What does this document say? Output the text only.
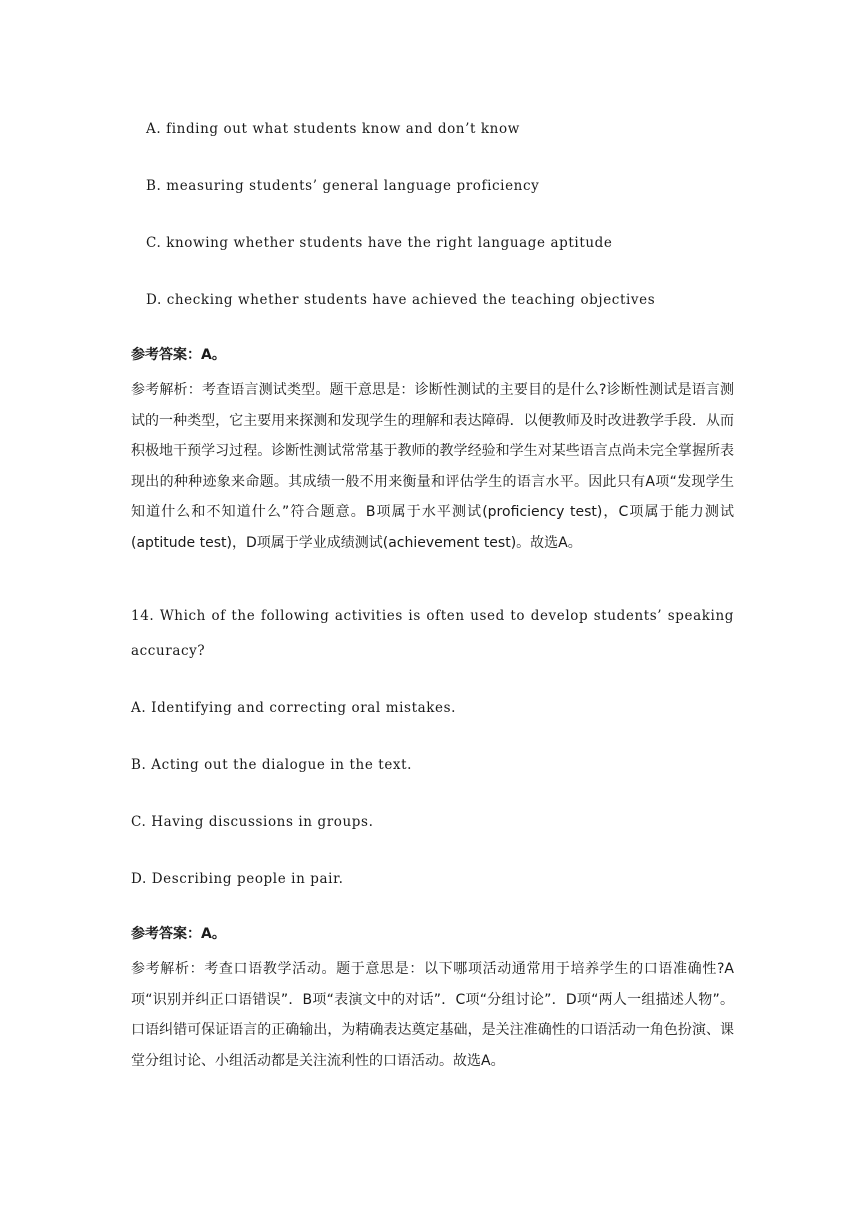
A. finding out what students know and don’t know
B. measuring students’ general language proficiency
C. knowing whether students have the right language aptitude
D. checking whether students have achieved the teaching objectives
参考答案：A。
参考解析：考查语言测试类型。题干意思是：诊断性测试的主要目的是什么?诊断性测试是语言测试的一种类型，它主要用来探测和发现学生的理解和表达障碍．以便教师及时改进教学手段．从而积极地干预学习过程。诊断性测试常常基于教师的教学经验和学生对某些语言点尚未完全掌握所表现出的种种迹象来命题。其成绩一般不用来衡量和评估学生的语言水平。因此只有A项“发现学生知道什么和不知道什么”符合题意。B项属于水平测试(proficiency test)，C项属于能力测试(aptitude test)，D项属于学业成绩测试(achievement test)。故选A。
14. Which of the following activities is often used to develop students’ speaking accuracy?
A. Identifying and correcting oral mistakes.
B. Acting out the dialogue in the text.
C. Having discussions in groups.
D. Describing people in pair.
参考答案：A。
参考解析：考查口语教学活动。题于意思是：以下哪项活动通常用于培养学生的口语准确性?A项“识别并纠正口语错误”．B项“表演文中的对话”．C项“分组讨论”．D项“两人一组描述人物”。 口语纠错可保证语言的正确输出，为精确表达奠定基础，是关注准确性的口语活动一角色扮演、课堂分组讨论、小组活动都是关注流利性的口语活动。故选A。
